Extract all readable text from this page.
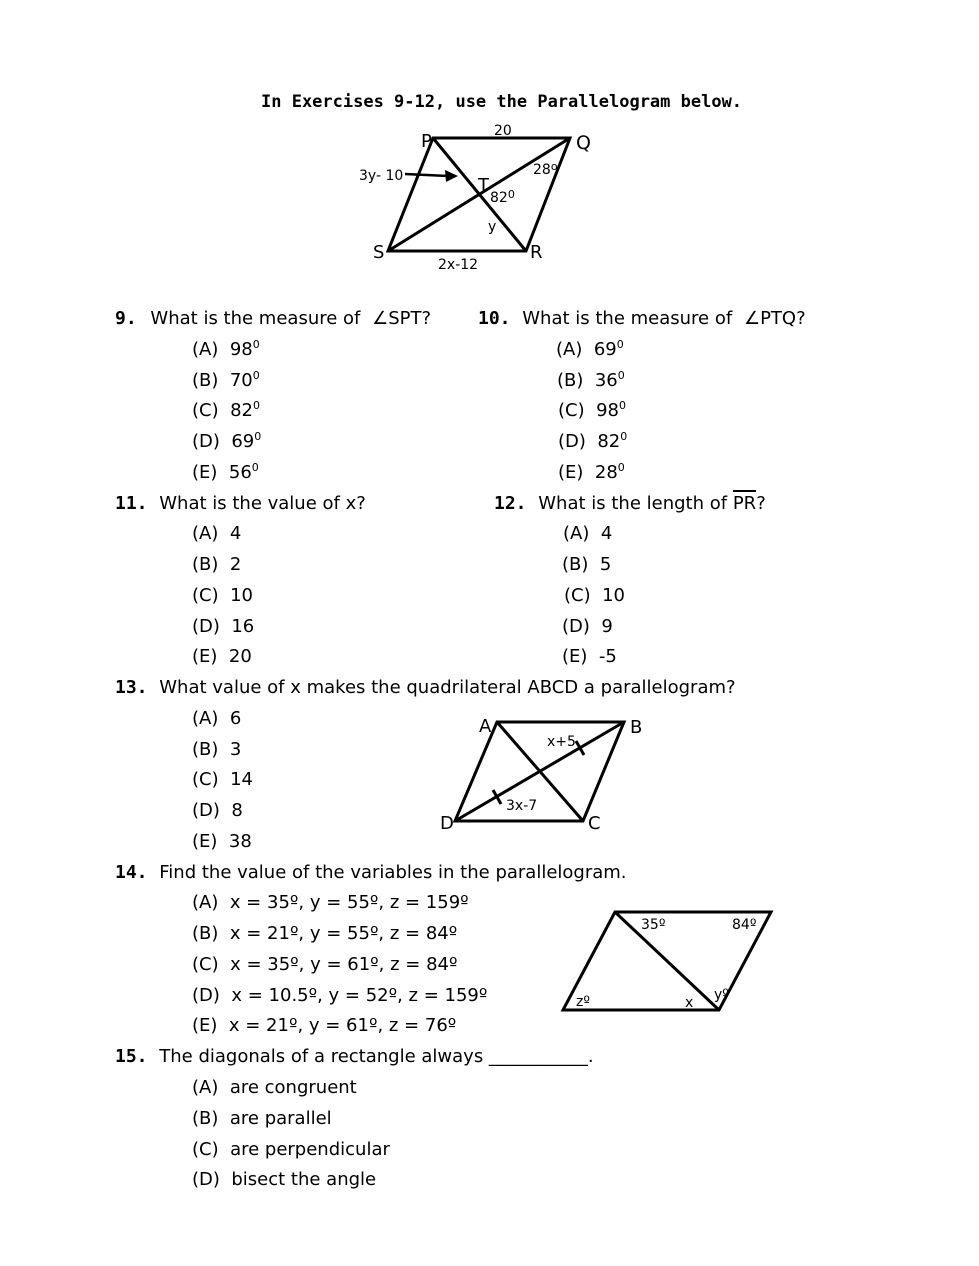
In Exercises 9-12, use the Parallelogram below.
P	Q
R
S
T
20
2x-12
3y- 10	28$^o$
$82^0$
y
9. What is the measure of ∠SPT?
(A) $98^0$
(B) $70^0$
(C) $82^0$
(D) $69^0$
(E) $56^0$
10. What is the measure of ∠PTQ?
(A) $69^0$
(B) $36^0$
(C) $98^0$
(D) $82^0$
(E) $28^0$
11. What is the value of x?
(A) 4
(B) 2
(C) 10
(D) 16
(E) 20
12. What is the length of PR?
(A) 4
(B) 5
(C) 10
(D) 9
(E) -5
13. What value of x makes the quadrilateral ABCD a parallelogram?
(A) 6
(B) 3
(C) 14
(D) 8
(E) 38
A	B
C
D
x+5
3x-7
14. Find the value of the variables in the parallelogram.
(A) x = 35º, y = 55º, z = 159º
(B) x = 21º, y = 55º, z = 84º
(C) x = 35º, y = 61º, z = 84º
(D) x = 10.5º, y = 52º, z = 159º
(E) x = 21º, y = 61º, z = 76º
35º	84º
zº	x yº
15. The diagonals of a rectangle always ___________.
(A) are congruent
(B) are parallel
(C) are perpendicular
(D) bisect the angle
